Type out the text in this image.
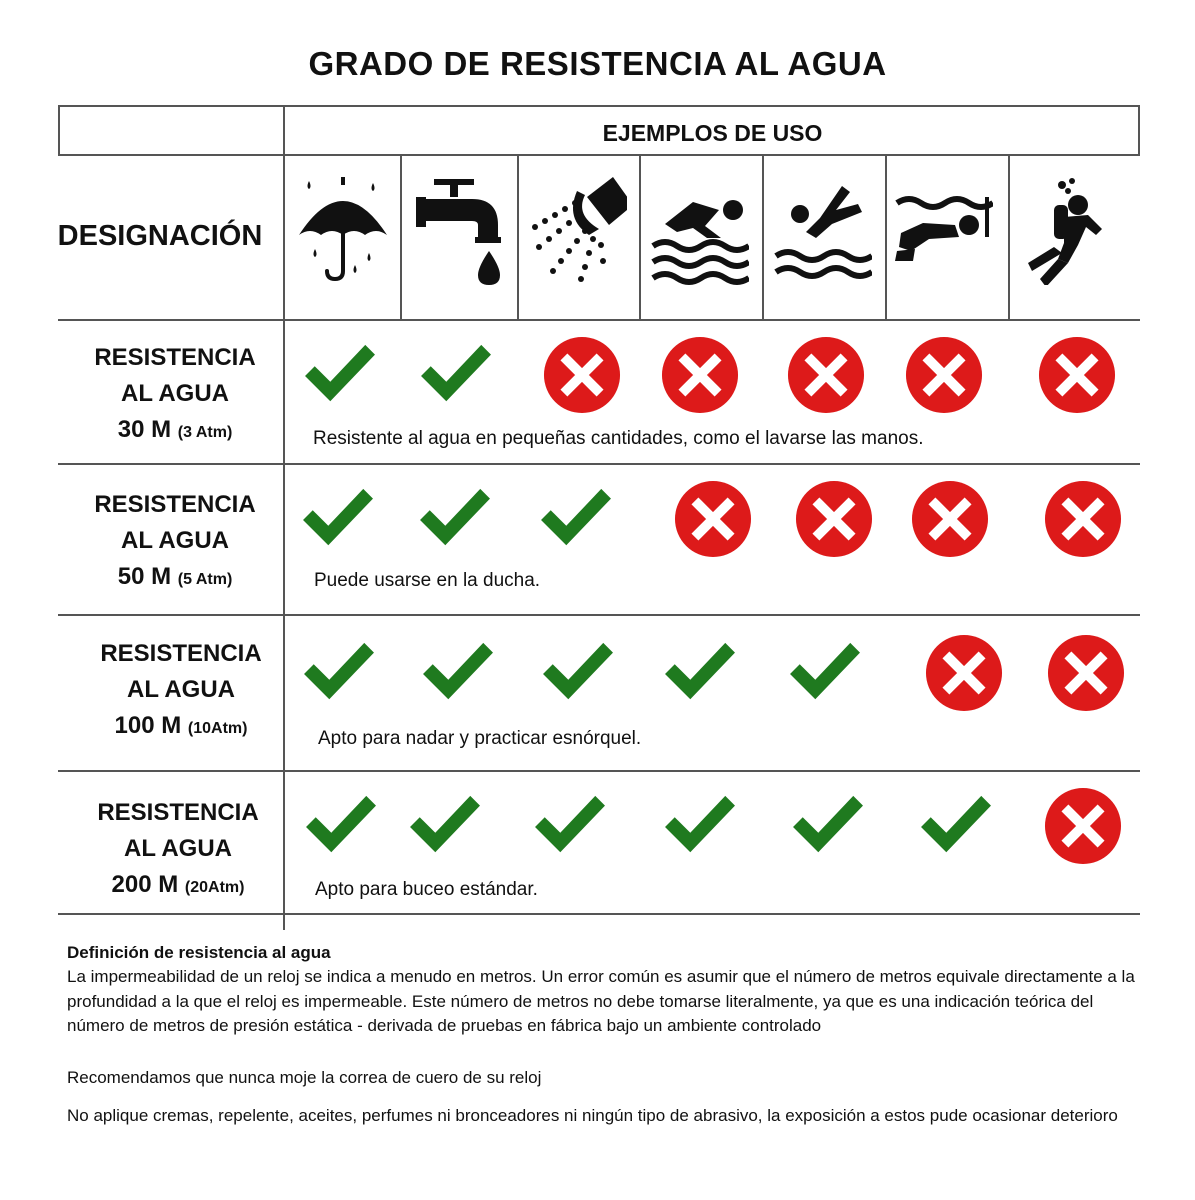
GRADO DE RESISTENCIA AL AGUA
EJEMPLOS DE USO
DESIGNACIÓN
RESISTENCIA
AL AGUA
30 M (3 Atm)
RESISTENCIA
AL AGUA
50 M (5 Atm)
RESISTENCIA
AL AGUA
100 M (10Atm)
RESISTENCIA
AL AGUA
200 M (20Atm)
Resistente al agua en pequeñas cantidades, como el lavarse las manos.
Puede usarse en la ducha.
Apto para nadar y practicar esnórquel.
Apto para buceo estándar.
Definición de resistencia al agua
La impermeabilidad de un reloj se indica a menudo en metros. Un error común es asumir que el número de metros equivale directamente a la profundidad a la que el reloj es impermeable. Este número de metros no debe tomarse literalmente, ya que es una indicación teórica del número de metros de presión estática - derivada de pruebas en fábrica bajo un ambiente controlado
Recomendamos que nunca moje la correa de cuero de su reloj
No aplique cremas, repelente, aceites, perfumes ni bronceadores ni ningún tipo de abrasivo, la exposición a estos pude ocasionar deterioro
